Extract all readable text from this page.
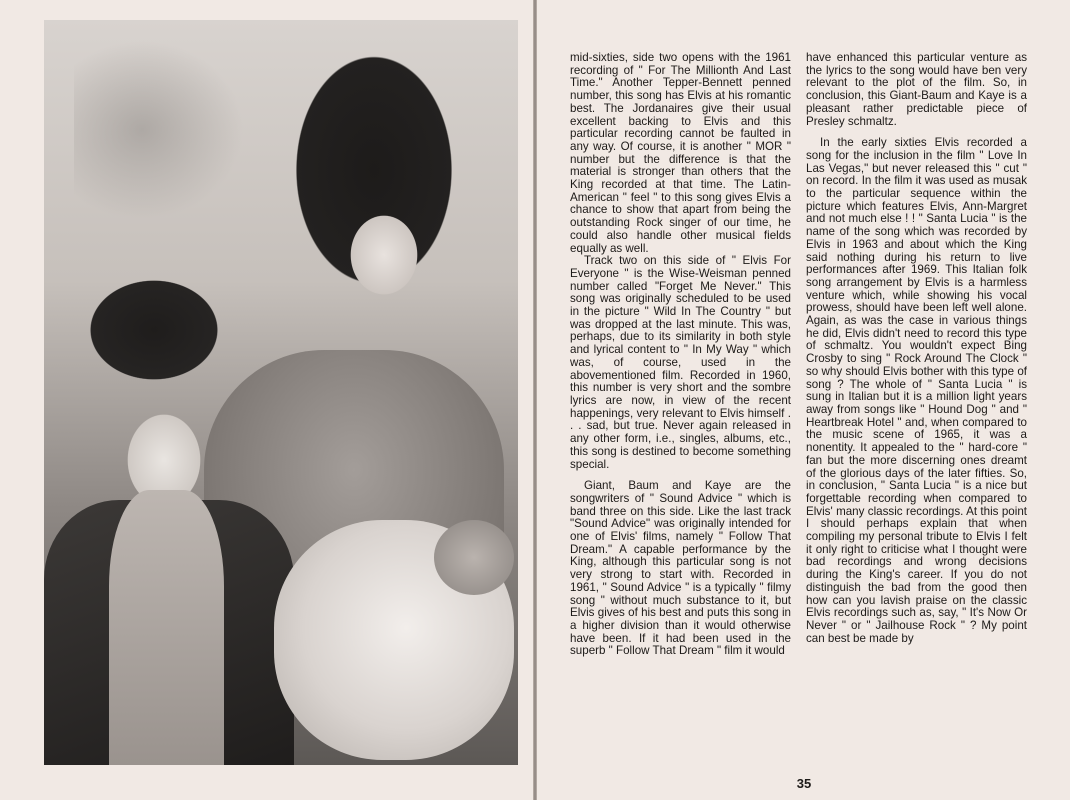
mid-sixties, side two opens with the 1961 recording of " For The Millionth And Last Time." Another Tepper-Bennett penned number, this song has Elvis at his romantic best. The Jordanaires give their usual excellent backing to Elvis and this particular recording cannot be faulted in any way. Of course, it is another " MOR " number but the difference is that the material is stronger than others that the King recorded at that time. The Latin-American " feel " to this song gives Elvis a chance to show that apart from being the outstanding Rock singer of our time, he could also handle other musical fields equally as well.

Track two on this side of " Elvis For Everyone " is the Wise-Weisman penned number called "Forget Me Never." This song was originally scheduled to be used in the picture " Wild In The Country " but was dropped at the last minute. This was, perhaps, due to its similarity in both style and lyrical content to " In My Way " which was, of course, used in the abovementioned film. Recorded in 1960, this number is very short and the sombre lyrics are now, in view of the recent happenings, very relevant to Elvis himself . . . sad, but true. Never again released in any other form, i.e., singles, albums, etc., this song is destined to become something special.

Giant, Baum and Kaye are the songwriters of " Sound Advice " which is band three on this side. Like the last track "Sound Advice" was originally intended for one of Elvis' films, namely " Follow That Dream." A capable performance by the King, although this particular song is not very strong to start with. Recorded in 1961, " Sound Advice " is a typically " filmy song " without much substance to it, but Elvis gives of his best and puts this song in a higher division than it would otherwise have been. If it had been used in the superb " Follow That Dream " film it would

have enhanced this particular venture as the lyrics to the song would have ben very relevant to the plot of the film. So, in conclusion, this Giant-Baum and Kaye is a pleasant rather predictable piece of Presley schmaltz.

In the early sixties Elvis recorded a song for the inclusion in the film " Love In Las Vegas," but never released this " cut " on record. In the film it was used as musak to the particular sequence within the picture which features Elvis, Ann-Margret and not much else ! ! " Santa Lucia " is the name of the song which was recorded by Elvis in 1963 and about which the King said nothing during his return to live performances after 1969. This Italian folk song arrangement by Elvis is a harmless venture which, while showing his vocal prowess, should have been left well alone. Again, as was the case in various things he did, Elvis didn't need to record this type of schmaltz. You wouldn't expect Bing Crosby to sing " Rock Around The Clock " so why should Elvis bother with this type of song ? The whole of " Santa Lucia " is sung in Italian but it is a million light years away from songs like " Hound Dog " and " Heartbreak Hotel " and, when compared to the music scene of 1965, it was a nonentity. It appealed to the " hard-core " fan but the more discerning ones dreamt of the glorious days of the later fifties. So, in conclusion, " Santa Lucia " is a nice but forgettable recording when compared to Elvis' many classic recordings. At this point I should perhaps explain that when compiling my personal tribute to Elvis I felt it only right to criticise what I thought were bad recordings and wrong decisions during the King's career. If you do not distinguish the bad from the good then how can you lavish praise on the classic Elvis recordings such as, say, " It's Now Or Never " or " Jailhouse Rock " ? My point can best be made by

35
